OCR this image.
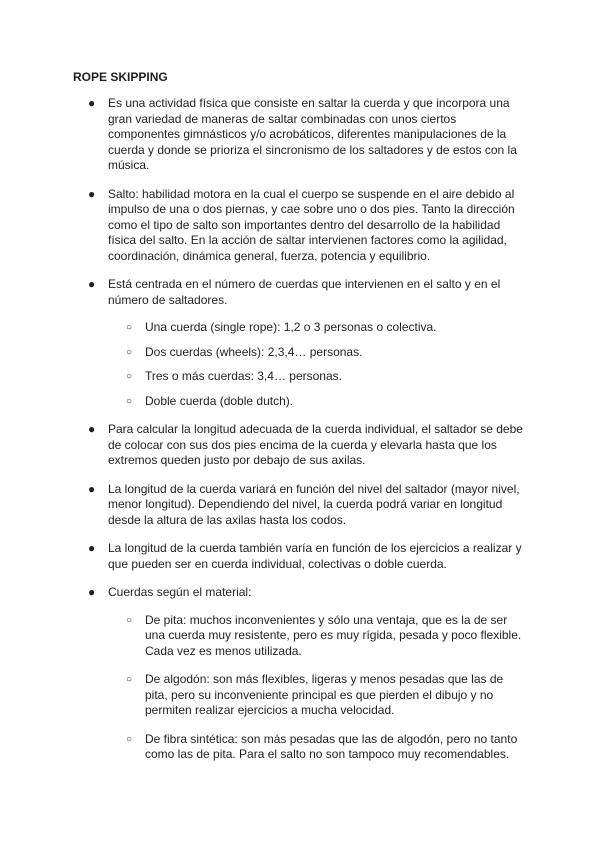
ROPE SKIPPING
● Es una actividad física que consiste en saltar la cuerda y que incorpora una gran variedad de maneras de saltar combinadas con unos ciertos componentes gimnásticos y/o acrobáticos, diferentes manipulaciones de la cuerda y donde se prioriza el sincronismo de los saltadores y de estos con la música.
● Salto: habilidad motora en la cual el cuerpo se suspende en el aire debido al impulso de una o dos piernas, y cae sobre uno o dos pies. Tanto la dirección como el tipo de salto son importantes dentro del desarrollo de la habilidad física del salto. En la acción de saltar intervienen factores como la agilidad, coordinación, dinámica general, fuerza, potencia y equilibrio.
● Está centrada en el número de cuerdas que intervienen en el salto y en el número de saltadores.
○ Una cuerda (single rope): 1,2 o 3 personas o colectiva.
○ Dos cuerdas (wheels): 2,3,4… personas.
○ Tres o más cuerdas: 3,4… personas.
○ Doble cuerda (doble dutch).
● Para calcular la longitud adecuada de la cuerda individual, el saltador se debe de colocar con sus dos pies encima de la cuerda y elevarla hasta que los extremos queden justo por debajo de sus axilas.
● La longitud de la cuerda variará en función del nivel del saltador (mayor nivel, menor longitud). Dependiendo del nivel, la cuerda podrá variar en longitud desde la altura de las axilas hasta los codos.
● La longitud de la cuerda también varía en función de los ejercicios a realizar y que pueden ser en cuerda individual, colectivas o doble cuerda.
● Cuerdas según el material:
○ De pita: muchos inconvenientes y sólo una ventaja, que es la de ser una cuerda muy resistente, pero es muy rígida, pesada y poco flexible. Cada vez es menos utilizada.
○ De algodón: son más flexibles, ligeras y menos pesadas que las de pita, pero su inconveniente principal es que pierden el dibujo y no permiten realizar ejercicios a mucha velocidad.
○ De fibra sintética: son más pesadas que las de algodón, pero no tanto como las de pita. Para el salto no son tampoco muy recomendables.
